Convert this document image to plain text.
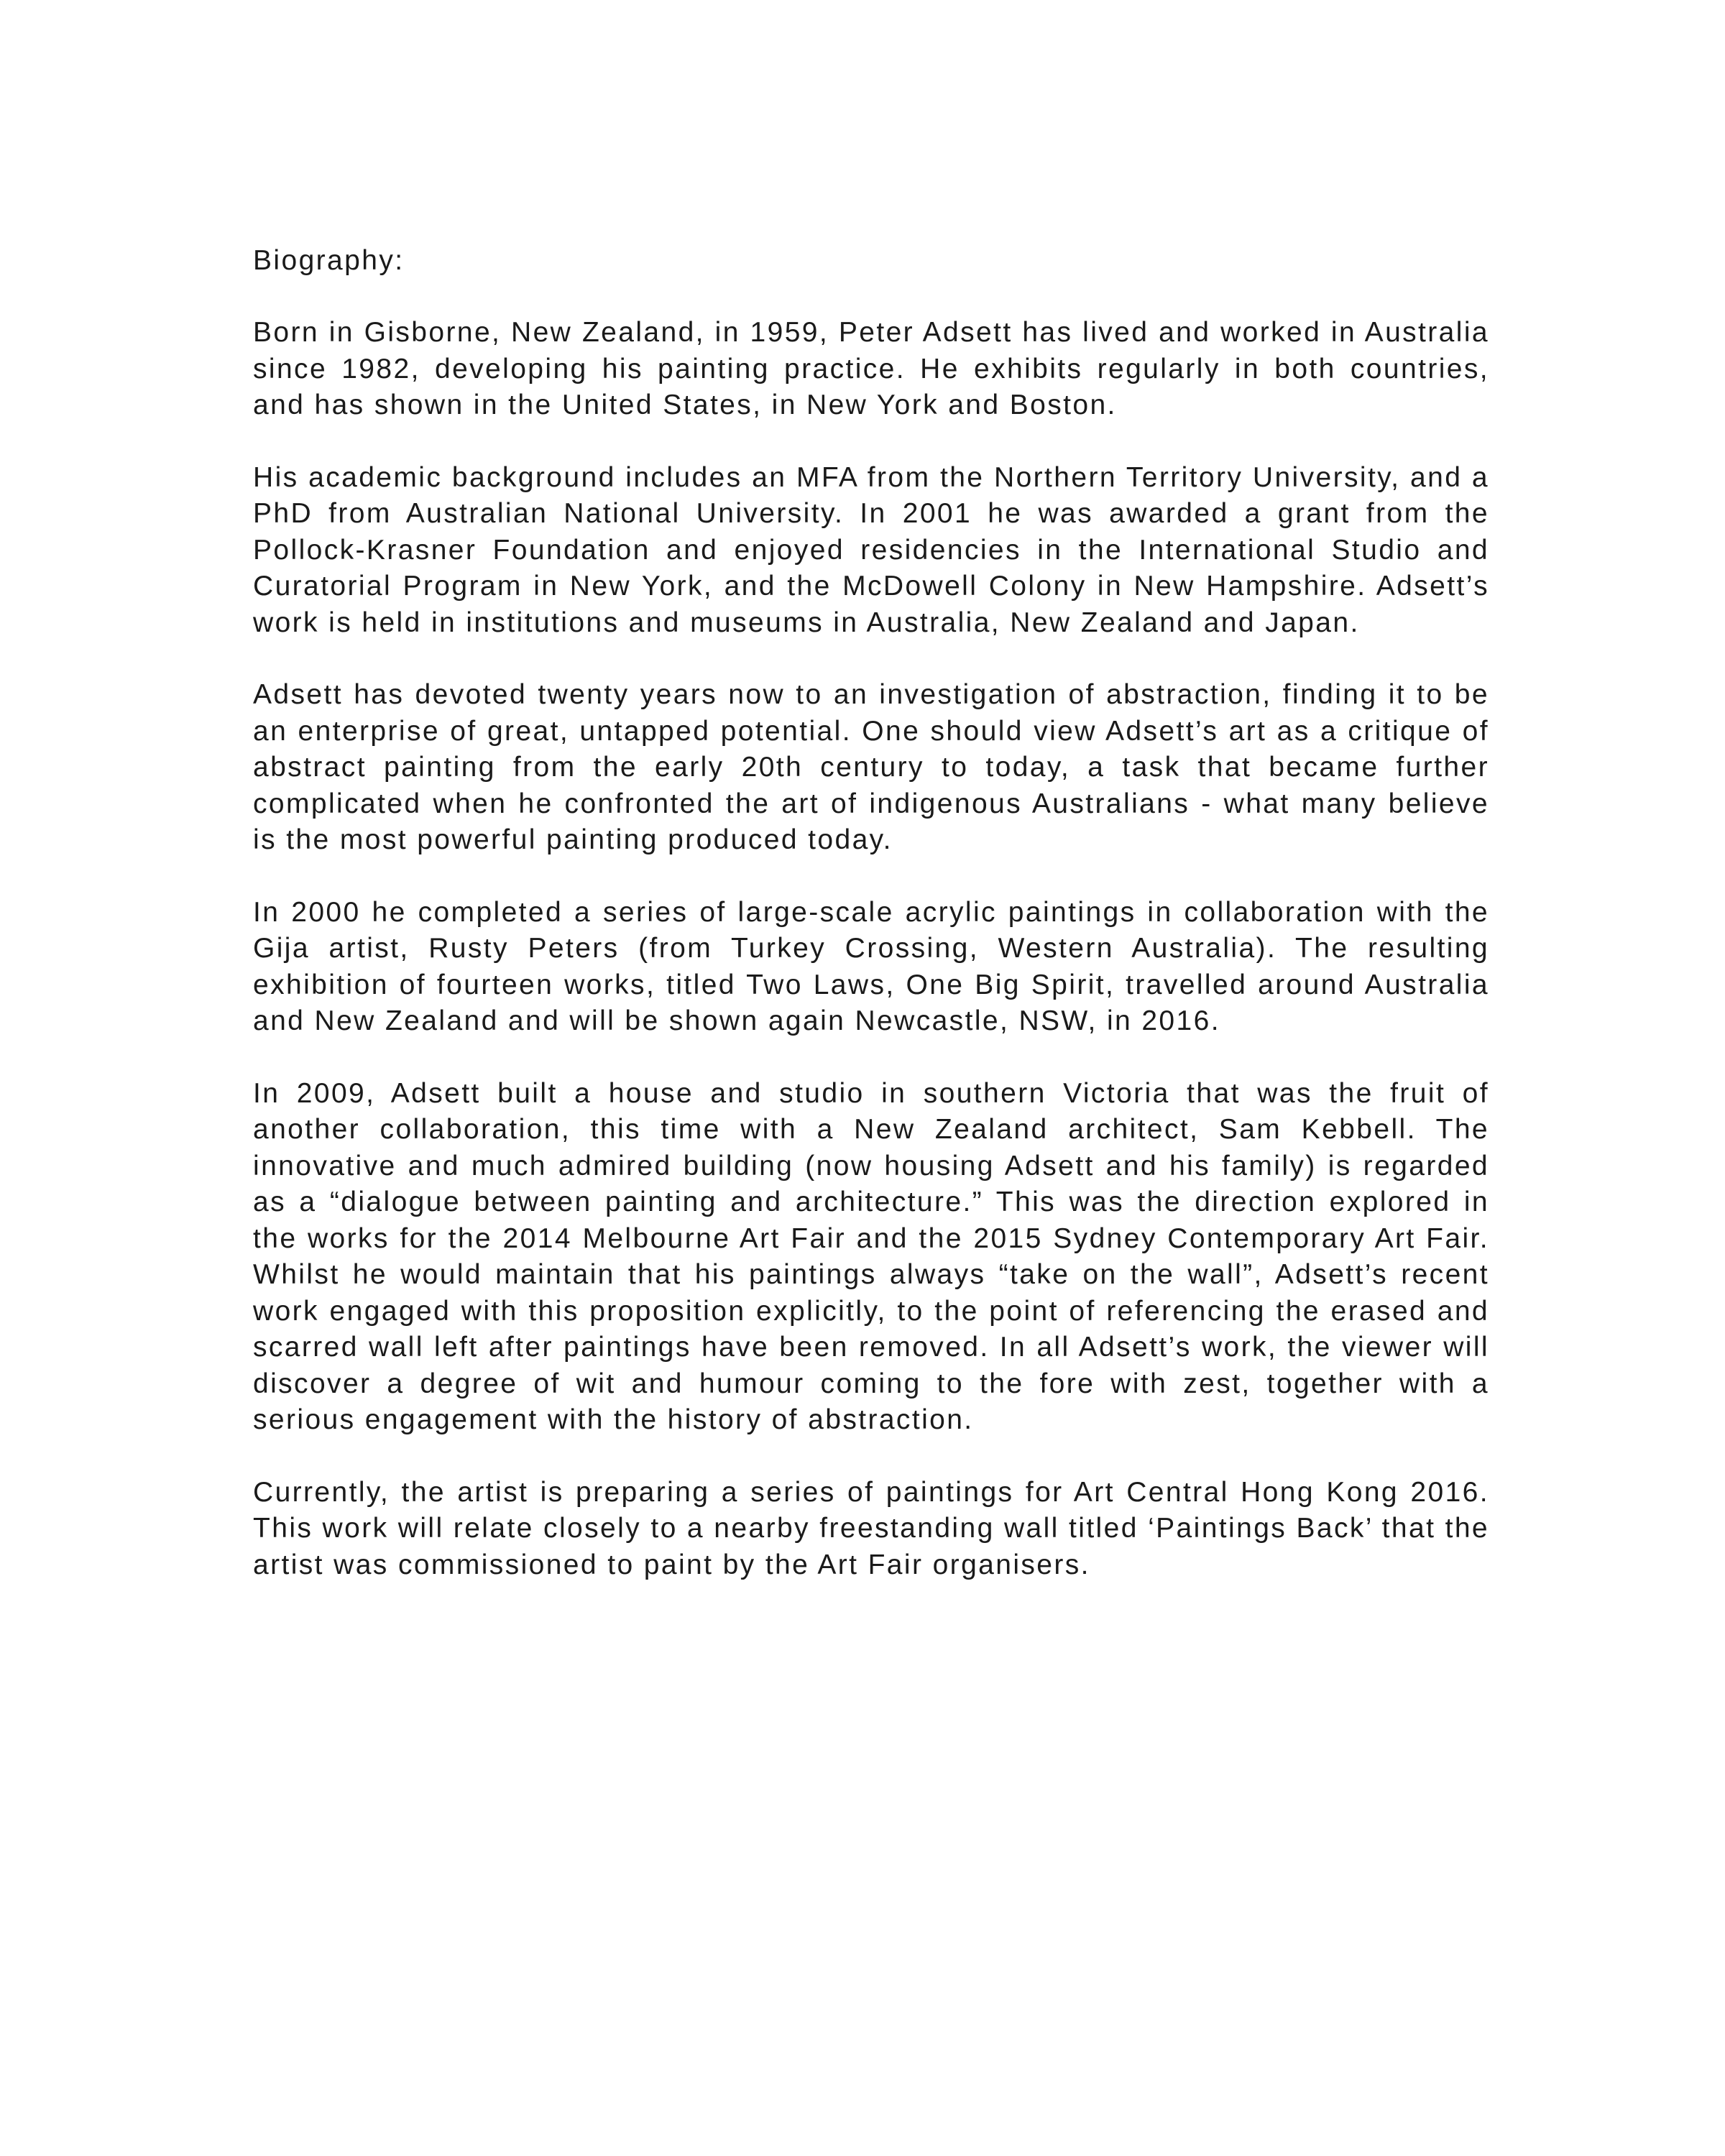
Biography:

Born in Gisborne, New Zealand, in 1959, Peter Adsett has lived and worked in Australia since 1982, developing his painting practice. He exhibits regularly in both countries, and has shown in the United States, in New York and Boston.

His academic background includes an MFA from the Northern Territory University, and a PhD from Australian National University. In 2001 he was awarded a grant from the Pollock-Krasner Foundation and enjoyed residencies in the International Studio and Curatorial Program in New York, and the McDowell Colony in New Hampshire. Adsett’s work is held in institutions and museums in Australia, New Zealand and Japan.

Adsett has devoted twenty years now to an investigation of abstraction, finding it to be an enterprise of great, untapped potential. One should view Adsett’s art as a critique of abstract painting from the early 20th century to today, a task that became further complicated when he confronted the art of indigenous Australians - what many believe is the most powerful painting produced today.

In 2000 he completed a series of large-scale acrylic paintings in collaboration with the Gija artist, Rusty Peters (from Turkey Crossing, Western Australia). The resulting exhibition of fourteen works, titled Two Laws, One Big Spirit, travelled around Australia and New Zealand and will be shown again Newcastle, NSW, in 2016.

In 2009, Adsett built a house and studio in southern Victoria that was the fruit of another collaboration, this time with a New Zealand architect, Sam Kebbell. The innovative and much admired building (now housing Adsett and his family) is regarded as a “dialogue between painting and architecture.” This was the direction explored in the works for the 2014 Melbourne Art Fair and the 2015 Sydney Contemporary Art Fair. Whilst he would maintain that his paintings always “take on the wall”, Adsett’s recent work engaged with this proposition explicitly, to the point of referencing the erased and scarred wall left after paintings have been removed. In all Adsett’s work, the viewer will discover a degree of wit and humour coming to the fore with zest, together with a serious engagement with the history of abstraction.

Currently, the artist is preparing a series of paintings for Art Central Hong Kong 2016. This work will relate closely to a nearby freestanding wall titled ‘Paintings Back’ that the artist was commissioned to paint by the Art Fair organisers.
